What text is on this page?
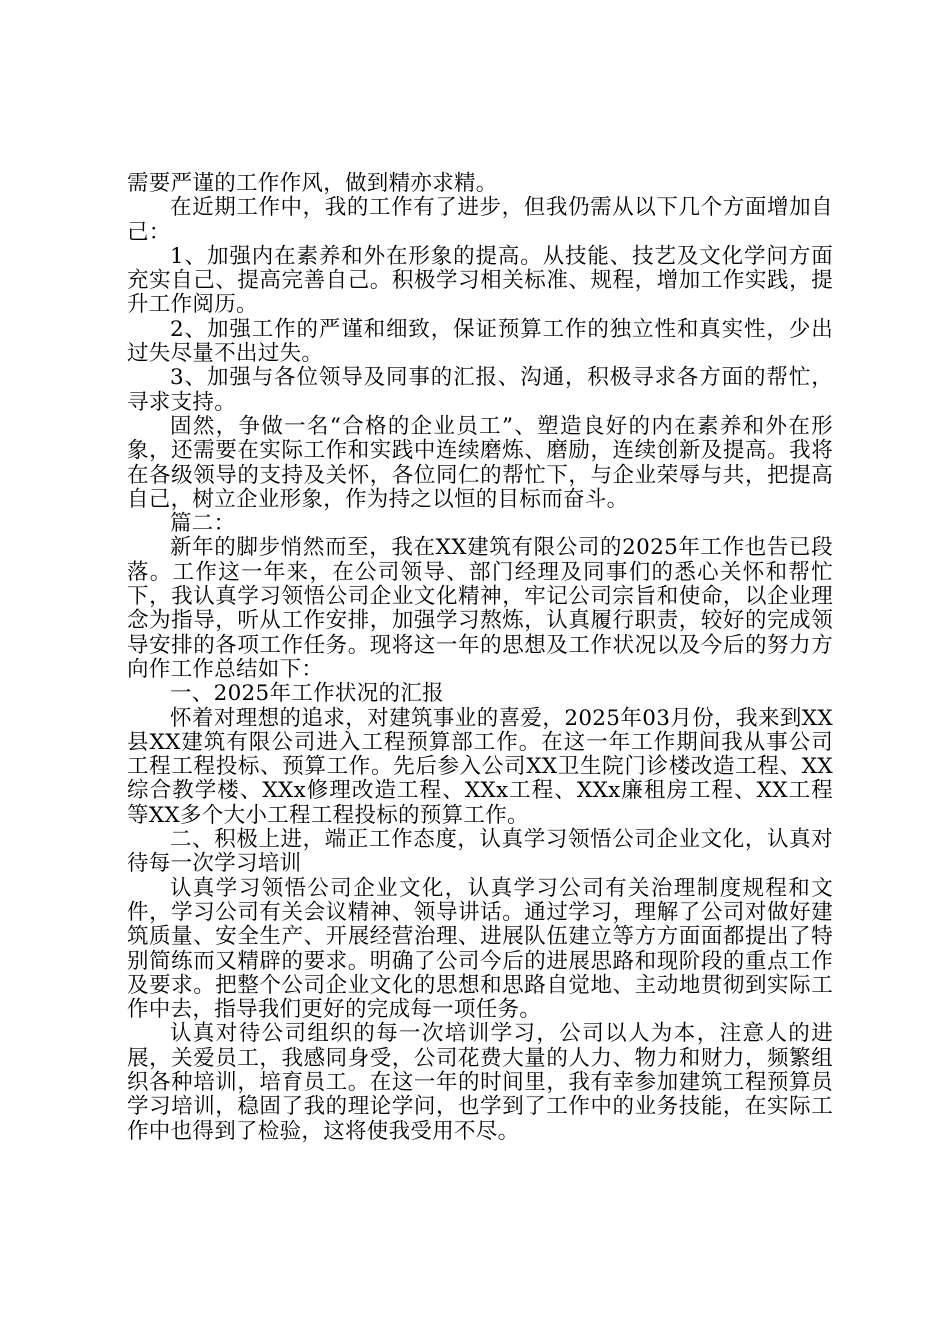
需要严谨的工作作风，做到精亦求精。

在近期工作中，我的工作有了进步，但我仍需从以下几个方面增加自己：

1、加强内在素养和外在形象的提高。从技能、技艺及文化学问方面充实自己、提高完善自己。积极学习相关标准、规程，增加工作实践，提升工作阅历。

2、加强工作的严谨和细致，保证预算工作的独立性和真实性，少出过失尽量不出过失。

3、加强与各位领导及同事的汇报、沟通，积极寻求各方面的帮忙，寻求支持。

固然，争做一名“合格的企业员工”、塑造良好的内在素养和外在形象，还需要在实际工作和实践中连续磨炼、磨励，连续创新及提高。我将在各级领导的支持及关怀，各位同仁的帮忙下，与企业荣辱与共，把提高自己，树立企业形象，作为持之以恒的目标而奋斗。

篇二：

新年的脚步悄然而至，我在XX建筑有限公司的2025年工作也告已段落。工作这一年来，在公司领导、部门经理及同事们的悉心关怀和帮忙下，我认真学习领悟公司企业文化精神，牢记公司宗旨和使命，以企业理念为指导，听从工作安排，加强学习熬炼，认真履行职责，较好的完成领导安排的各项工作任务。现将这一年的思想及工作状况以及今后的努力方向作工作总结如下：

一、2025年工作状况的汇报

怀着对理想的追求，对建筑事业的喜爱，2025年03月份，我来到XX县XX建筑有限公司进入工程预算部工作。在这一年工作期间我从事公司工程工程投标、预算工作。先后参入公司XX卫生院门诊楼改造工程、XX综合教学楼、XXx修理改造工程、XXx工程、XXx廉租房工程、XX工程等XX多个大小工程工程投标的预算工作。

二、积极上进，端正工作态度，认真学习领悟公司企业文化，认真对待每一次学习培训

认真学习领悟公司企业文化，认真学习公司有关治理制度规程和文件，学习公司有关会议精神、领导讲话。通过学习，理解了公司对做好建筑质量、安全生产、开展经营治理、进展队伍建立等方方面面都提出了特别简练而又精辟的要求。明确了公司今后的进展思路和现阶段的重点工作及要求。把整个公司企业文化的思想和思路自觉地、主动地贯彻到实际工作中去，指导我们更好的完成每一项任务。

认真对待公司组织的每一次培训学习，公司以人为本，注意人的进展，关爱员工，我感同身受，公司花费大量的人力、物力和财力，频繁组织各种培训，培育员工。在这一年的时间里，我有幸参加建筑工程预算员学习培训，稳固了我的理论学问，也学到了工作中的业务技能，在实际工作中也得到了检验，这将使我受用不尽。
